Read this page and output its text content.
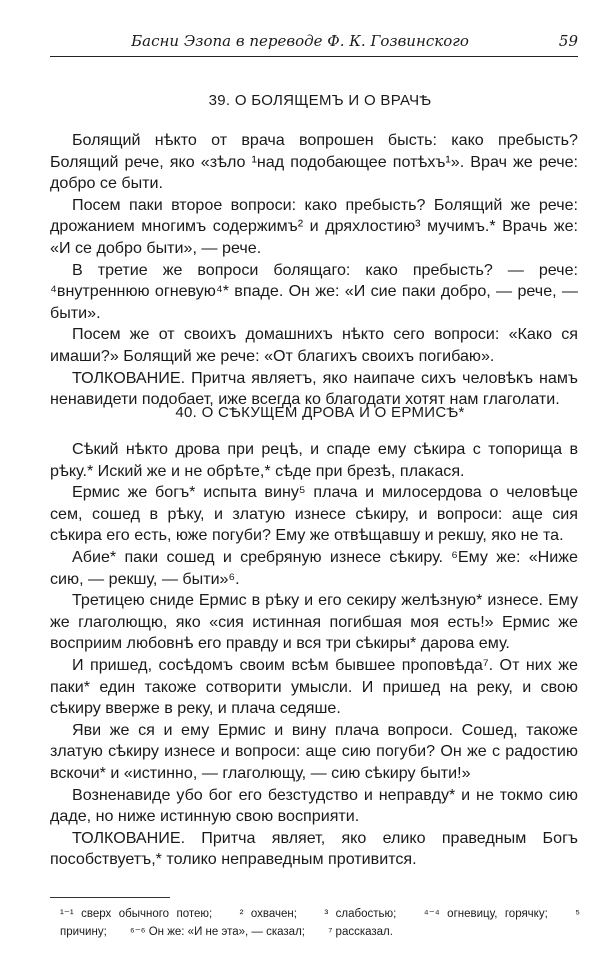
Басни Эзопа в переводе Ф. К. Гозвинского	59
39. О БОЛЯЩЕМЪ И О ВРАЧѢ

Болящий нѣкто от врача вопрошен бысть: како пребысть? Болящий рече, яко «зѣло ¹над подобающее потѣхъ¹». Врач же рече: добро се быти.

Посем паки второе вопроси: како пребысть? Болящий же рече: дрожанием многимъ содержимъ² и дряхлостию³ мучимъ.* Врачь же: «И се добро быти», — рече.

В третие же вопроси болящаго: како пребысть? — рече: ⁴внутреннюю огневую⁴* впаде. Он же: «И сие паки добро, — рече, — быти».

Посем же от своихъ домашнихъ нѣкто сего вопроси: «Како ся имаши?» Болящий же рече: «От благихъ своихъ погибаю».

ТОЛКОВАНИЕ. Притча являетъ, яко наипаче сихъ человѣкъ намъ ненавидети подобает, иже всегда ко благодати хотят нам глаголати.

40. О СѢКУЩЕМ ДРОВА И О ЕРМИСѢ*

Сѣкий нѣкто дрова при рецѣ, и спаде ему сѣкира с топорища в рѣку.* Иский же и не обрѣте,* сѣде при брезѣ, плакася.

Ермис же богъ* испыта вину⁵ плача и милосердова о человѣце сем, сошед в рѣку, и златую изнесе сѣкиру, и вопроси: аще сия сѣкира его есть, юже погуби? Ему же отвѣщавшу и рекшу, яко не та.

Абие* паки сошед и сребряную изнесе сѣкиру. ⁶Ему же: «Ниже сию, — рекшу, — быти»⁶.

Третицею сниде Ермис в рѣку и его секиру желѣзную* изнесе. Ему же глаголющю, яко «сия истинная погибшая моя есть!» Ермис же восприим любовнѣ его правду и вся три сѣкиры* дарова ему.

И пришед, сосѣдомъ своим всѣм бывшее проповѣда⁷. От них же паки* един такоже сотворити умысли. И пришед на реку, и свою сѣкиру вверже в реку, и плача седяше.

Яви же ся и ему Ермис и вину плача вопроси. Сошед, такоже златую сѣкиру изнесе и вопроси: аще сию погуби? Он же с радостию вскочи* и «истинно, — глаголющу, — сию сѣкиру быти!»

Возненавиде убо бог его безстудство и неправду* и не токмо сию даде, но ниже истинную свою восприяти.

ТОЛКОВАНИЕ. Притча являет, яко елико праведным Богъ пособствуетъ,* толико неправедным противится.

¹⁻¹ сверх обычного потею; ² охвачен; ³ слабостью; ⁴⁻⁴ огневицу, горячку; ⁵ причину; ⁶⁻⁶ Он же: «И не эта», — сказал; ⁷ рассказал.
